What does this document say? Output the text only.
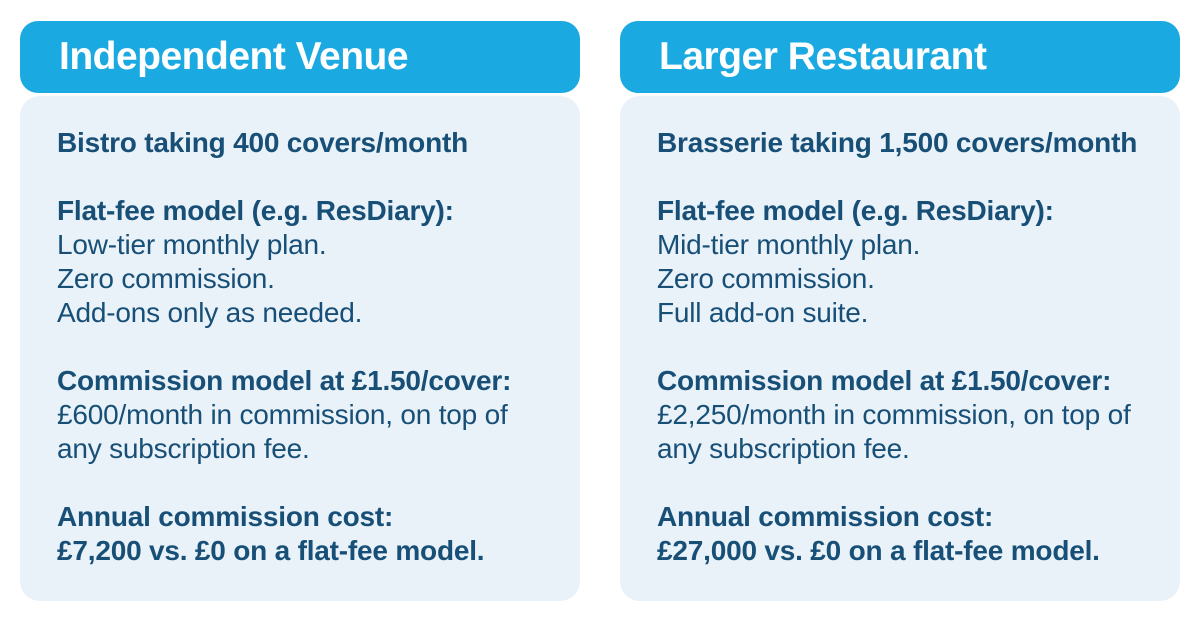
Independent Venue

Bistro taking 400 covers/month

Flat-fee model (e.g. ResDiary):
Low-tier monthly plan.
Zero commission.
Add-ons only as needed.

Commission model at £1.50/cover:
£600/month in commission, on top of
any subscription fee.

Annual commission cost:
£7,200 vs. £0 on a flat-fee model.

Larger Restaurant

Brasserie taking 1,500 covers/month

Flat-fee model (e.g. ResDiary):
Mid-tier monthly plan.
Zero commission.
Full add-on suite.

Commission model at £1.50/cover:
£2,250/month in commission, on top of
any subscription fee.

Annual commission cost:
£27,000 vs. £0 on a flat-fee model.
